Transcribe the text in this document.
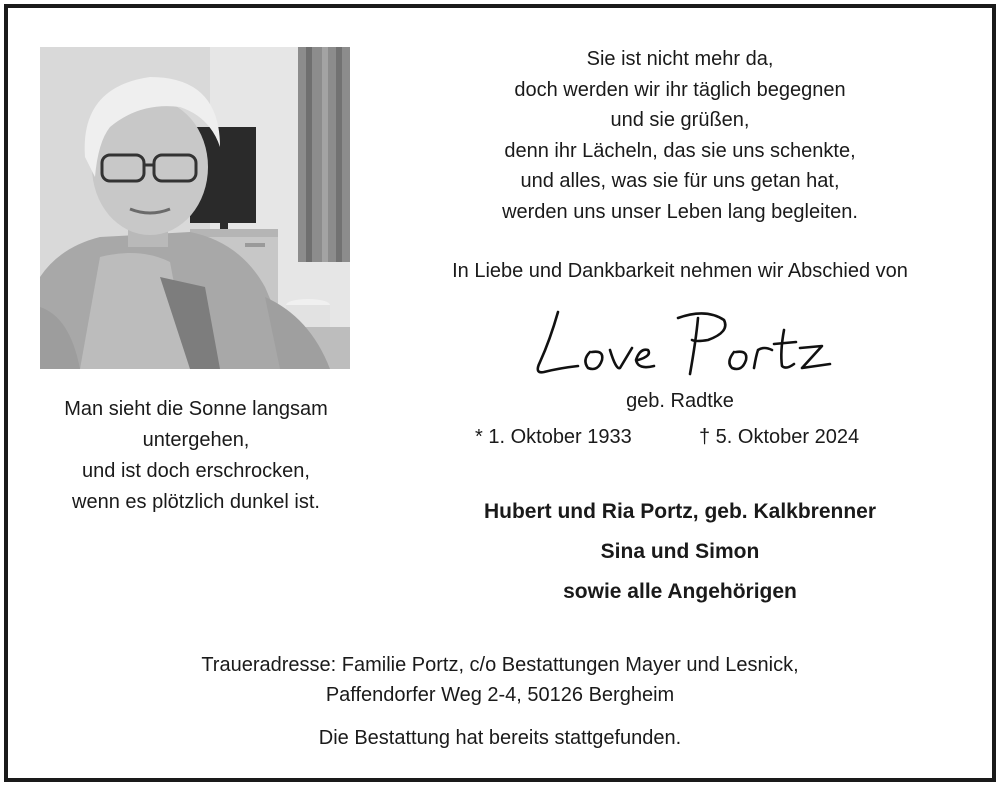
Man sieht die Sonne langsam
untergehen,
und ist doch erschrocken,
wenn es plötzlich dunkel ist.
Sie ist nicht mehr da,
doch werden wir ihr täglich begegnen
und sie grüßen,
denn ihr Lächeln, das sie uns schenkte,
und alles, was sie für uns getan hat,
werden uns unser Leben lang begleiten.
In Liebe und Dankbarkeit nehmen wir Abschied von
geb. Radtke
* 1. Oktober 1933	† 5. Oktober 2024
Hubert und Ria Portz, geb. Kalkbrenner
Sina und Simon
sowie alle Angehörigen
Traueradresse: Familie Portz, c/o Bestattungen Mayer und Lesnick,
Paffendorfer Weg 2-4, 50126 Bergheim
Die Bestattung hat bereits stattgefunden.
